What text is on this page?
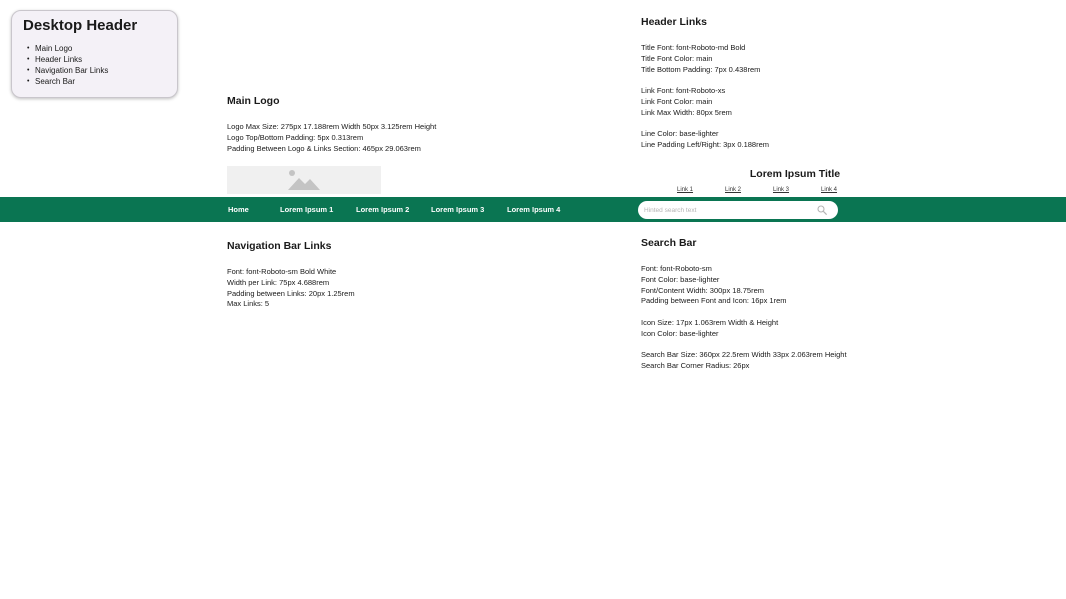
Desktop Header
• Main Logo
• Header Links
• Navigation Bar Links
• Search Bar
Main Logo

Logo Max Size: 275px 17.188rem Width 50px 3.125rem Height

Logo Top/Bottom Padding: 5px 0.313rem

Padding Between Logo & Links Section: 465px 29.063rem

Header Links

Title Font: font-Roboto-md Bold

Title Font Color: main

Title Bottom Padding: 7px 0.438rem

Link Font: font-Roboto-xs

Link Font Color: main

Link Max Width: 80px 5rem

Line Color: base-lighter

Line Padding Left/Right: 3px 0.188rem

Lorem Ipsum Title
Link 1	Link 2	Link 3	Link 4
Home	Lorem Ipsum 1	Lorem Ipsum 2	Lorem Ipsum 3	Lorem Ipsum 4
Hinted search text
Navigation Bar Links

Font: font-Roboto-sm Bold White

Width per Link: 75px 4.688rem

Padding between Links: 20px 1.25rem

Max Links: 5

Search Bar

Font: font-Roboto-sm

Font Color: base-lighter

Font/Content Width: 300px 18.75rem

Padding between Font and Icon: 16px 1rem

Icon Size: 17px 1.063rem Width & Height

Icon Color: base-lighter

Search Bar Size: 360px 22.5rem Width 33px 2.063rem Height

Search Bar Corner Radius: 26px
